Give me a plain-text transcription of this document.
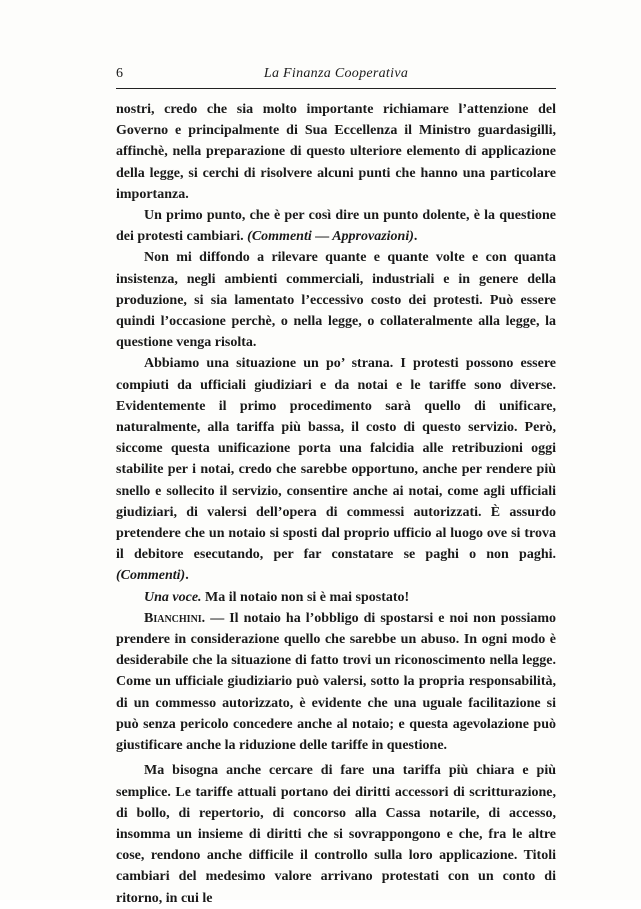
6	La Finanza Cooperativa

nostri, credo che sia molto importante richiamare l’attenzione del Governo e principalmente di Sua Eccellenza il Ministro guardasigilli, affinchè, nella preparazione di questo ulteriore elemento di applicazione della legge, si cerchi di risolvere alcuni punti che hanno una particolare importanza.

Un primo punto, che è per così dire un punto dolente, è la questione dei protesti cambiari. (Commenti — Approvazioni).

Non mi diffondo a rilevare quante e quante volte e con quanta insistenza, negli ambienti commerciali, industriali e in genere della produzione, si sia lamentato l’eccessivo costo dei protesti. Può essere quindi l’occasione perchè, o nella legge, o collateralmente alla legge, la questione venga risolta.

Abbiamo una situazione un po’ strana. I protesti possono essere compiuti da ufficiali giudiziari e da notai e le tariffe sono diverse. Evidentemente il primo procedimento sarà quello di unificare, naturalmente, alla tariffa più bassa, il costo di questo servizio. Però, siccome questa unificazione porta una falcidia alle retribuzioni oggi stabilite per i notai, credo che sarebbe opportuno, anche per rendere più snello e sollecito il servizio, consentire anche ai notai, come agli ufficiali giudiziari, di valersi dell’opera di commessi autorizzati. È assurdo pretendere che un notaio si sposti dal proprio ufficio al luogo ove si trova il debitore esecutando, per far constatare se paghi o non paghi. (Commenti).

Una voce. Ma il notaio non si è mai spostato!

Bianchini. — Il notaio ha l’obbligo di spostarsi e noi non possiamo prendere in considerazione quello che sarebbe un abuso. In ogni modo è desiderabile che la situazione di fatto trovi un riconoscimento nella legge. Come un ufficiale giudiziario può valersi, sotto la propria responsabilità, di un commesso autorizzato, è evidente che una uguale facilitazione si può senza pericolo concedere anche al notaio; e questa agevolazione può giustificare anche la riduzione delle tariffe in questione.

Ma bisogna anche cercare di fare una tariffa più chiara e più semplice. Le tariffe attuali portano dei diritti accessori di scritturazione, di bollo, di repertorio, di concorso alla Cassa notarile, di accesso, insomma un insieme di diritti che si sovrappongono e che, fra le altre cose, rendono anche difficile il controllo sulla loro applicazione. Titoli cambiari del medesimo valore arrivano protestati con un conto di ritorno, in cui le
